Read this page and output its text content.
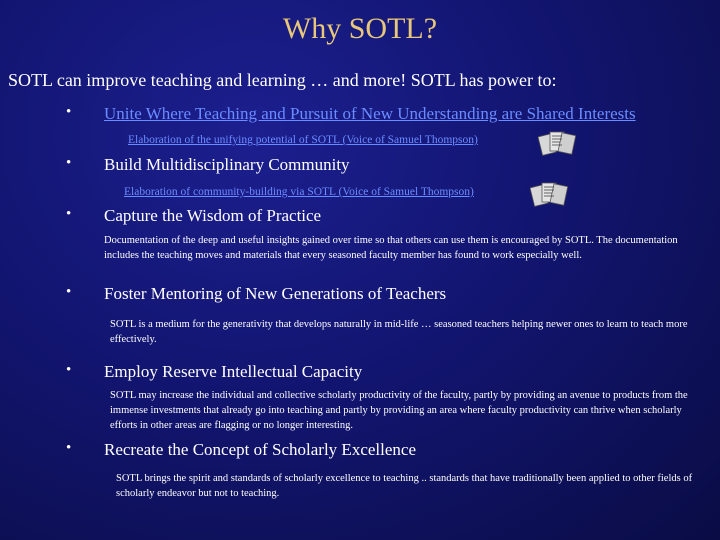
Why SOTL?
SOTL can improve teaching and learning … and more! SOTL has power to:
• Unite Where Teaching and Pursuit of New Understanding are Shared Interests
Elaboration of the unifying potential of SOTL (Voice of Samuel Thompson)
• Build Multidisciplinary Community
Elaboration of community-building via SOTL (Voice of Samuel Thompson)
• Capture the Wisdom of Practice
Documentation of the deep and useful insights gained over time so that others can use them is encouraged by SOTL. The documentation includes the teaching moves and materials that every seasoned faculty member has found to work especially well.
• Foster Mentoring of New Generations of Teachers
SOTL is a medium for the generativity that develops naturally in mid-life … seasoned teachers helping newer ones to learn to teach more effectively.
• Employ Reserve Intellectual Capacity
SOTL may increase the individual and collective scholarly productivity of the faculty, partly by providing an avenue to products from the immense investments that already go into teaching and partly by providing an area where faculty productivity can thrive when scholarly efforts in other areas are flagging or no longer interesting.
• Recreate the Concept of Scholarly Excellence
SOTL brings the spirit and standards of scholarly excellence to teaching .. standards that have traditionally been applied to other fields of scholarly endeavor but not to teaching.
